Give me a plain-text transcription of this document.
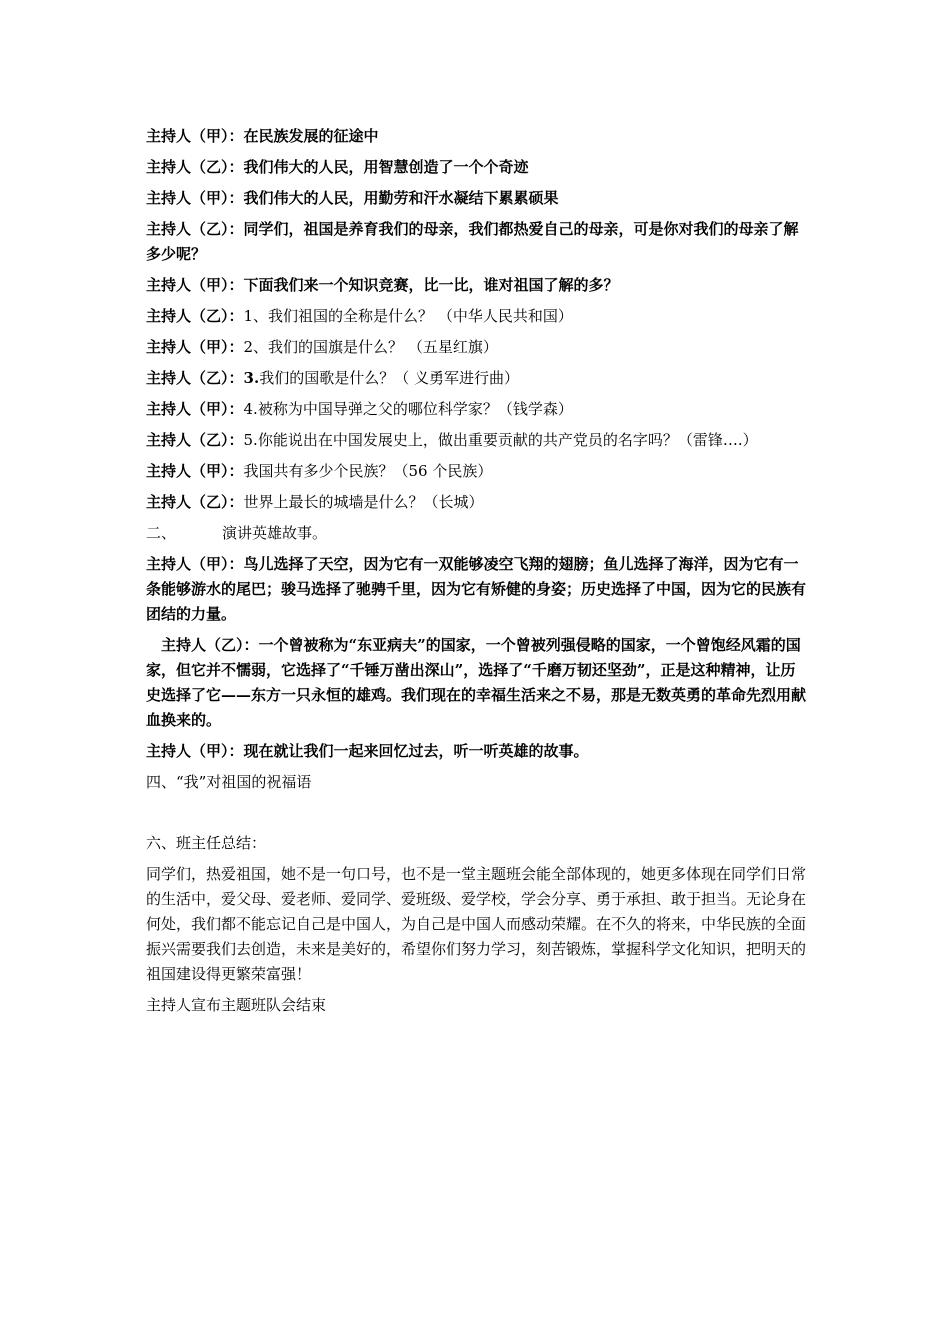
主持人（甲）：在民族发展的征途中

主持人（乙）：我们伟大的人民，用智慧创造了一个个奇迹

主持人（甲）：我们伟大的人民，用勤劳和汗水凝结下累累硕果

主持人（乙）：同学们，祖国是养育我们的母亲，我们都热爱自己的母亲，可是你对我们的母亲了解多少呢？

主持人（甲）：下面我们来一个知识竞赛，比一比，谁对祖国了解的多？

主持人（乙）：1、我们祖国的全称是什么？ （中华人民共和国）

主持人（甲）：2、我们的国旗是什么？ （五星红旗）

主持人（乙）：3.我们的国歌是什么？（ 义勇军进行曲）

主持人（甲）：4.被称为中国导弹之父的哪位科学家？（钱学森）

主持人（乙）：5.你能说出在中国发展史上，做出重要贡献的共产党员的名字吗？（雷锋….）

主持人（甲）：我国共有多少个民族？（56 个民族）

主持人（乙）：世界上最长的城墙是什么？（长城）

二、	演讲英雄故事。

主持人（甲）：鸟儿选择了天空，因为它有一双能够凌空飞翔的翅膀；鱼儿选择了海洋，因为它有一条能够游水的尾巴；骏马选择了驰骋千里，因为它有矫健的身姿；历史选择了中国，因为它的民族有团结的力量。

主持人（乙）：一个曾被称为“东亚病夫”的国家，一个曾被列强侵略的国家，一个曾饱经风霜的国家，但它并不懦弱，它选择了“千锤万凿出深山”，选择了“千磨万韧还坚劲”，正是这种精神，让历史选择了它——东方一只永恒的雄鸡。我们现在的幸福生活来之不易，那是无数英勇的革命先烈用献血换来的。

主持人（甲）：现在就让我们一起来回忆过去，听一听英雄的故事。

四、“我”对祖国的祝福语

六、班主任总结：

同学们，热爱祖国，她不是一句口号，也不是一堂主题班会能全部体现的，她更多体现在同学们日常的生活中，爱父母、爱老师、爱同学、爱班级、爱学校，学会分享、勇于承担、敢于担当。无论身在何处，我们都不能忘记自己是中国人，为自己是中国人而感动荣耀。在不久的将来，中华民族的全面振兴需要我们去创造，未来是美好的，希望你们努力学习，刻苦锻炼，掌握科学文化知识，把明天的祖国建设得更繁荣富强！

主持人宣布主题班队会结束
